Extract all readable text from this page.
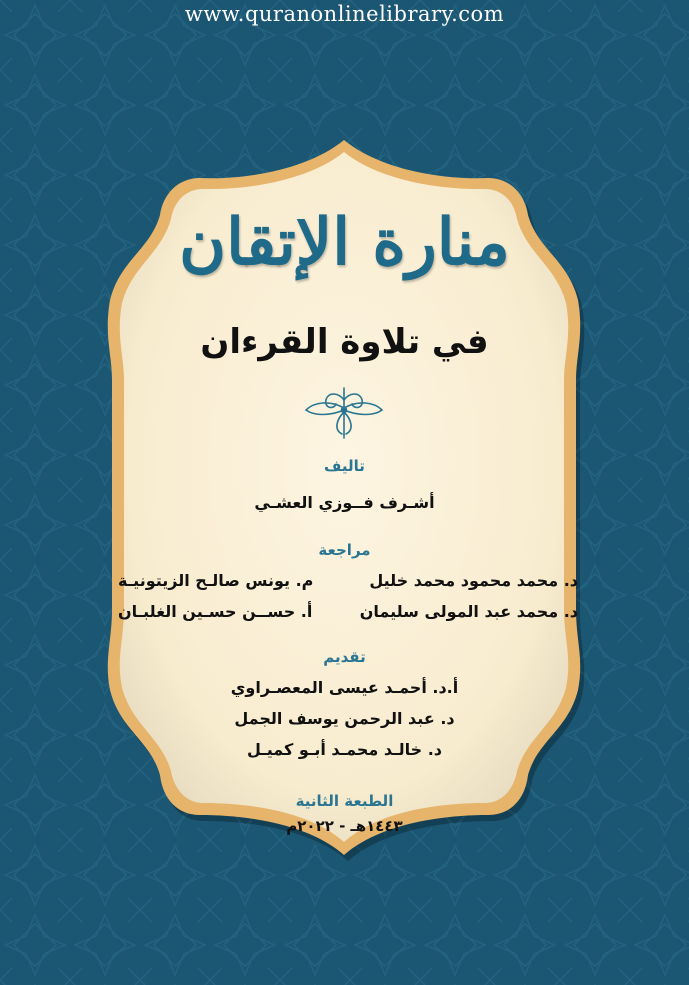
www.quranonlinelibrary.com
منارة الإتقان
في تلاوة القرءان
تاليف
أشـرف فــوزي العشـي
مراجعة
د. محمد محمود محمد خليل
م. يونس صالـح الزيتونيـة
د. محمد عبد المولى سليمان
أ. حســن حسـين الغلبـان
تقديم
أ.د. أحمـد عيسى المعصـراوي
د. عبد الرحمن يوسف الجمل
د. خالـد محمـد أبـو كميـل
الطبعة الثانية
١٤٤٣هـ - ٢٠٢٢م
